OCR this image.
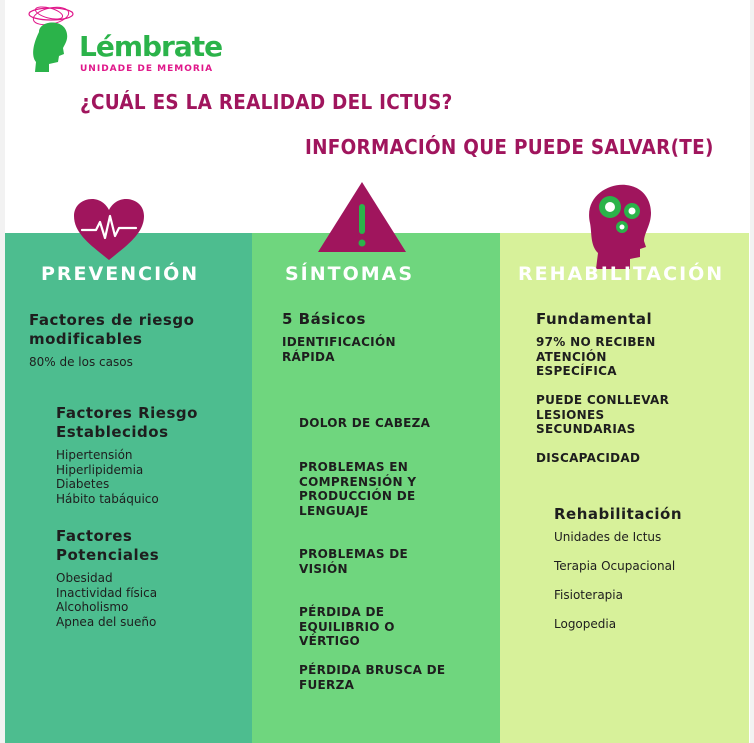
Lémbrate
UNIDADE DE MEMORIA
¿CUÁL ES LA REALIDAD DEL ICTUS?
INFORMACIÓN QUE PUEDE SALVAR(TE)
PREVENCIÓN
Factores de riesgo
modificables
80% de los casos
Factores Riesgo
Establecidos
Hipertensión
Hiperlipidemia
Diabetes
Hábito tabáquico
Factores
Potenciales
Obesidad
Inactividad física
Alcoholismo
Apnea del sueño
SÍNTOMAS
5 Básicos
IDENTIFICACIÓN
RÁPIDA
DOLOR DE CABEZA
PROBLEMAS EN
COMPRENSIÓN Y
PRODUCCIÓN DE
LENGUAJE
PROBLEMAS DE
VISIÓN
PÉRDIDA DE
EQUILIBRIO O
VÉRTIGO
PÉRDIDA BRUSCA DE
FUERZA
REHABILITACIÓN
Fundamental
97% NO RECIBEN
ATENCIÓN
ESPECÍFICA
PUEDE CONLLEVAR
LESIONES
SECUNDARIAS
DISCAPACIDAD
Rehabilitación
Unidades de Ictus
Terapia Ocupacional
Fisioterapia
Logopedia
